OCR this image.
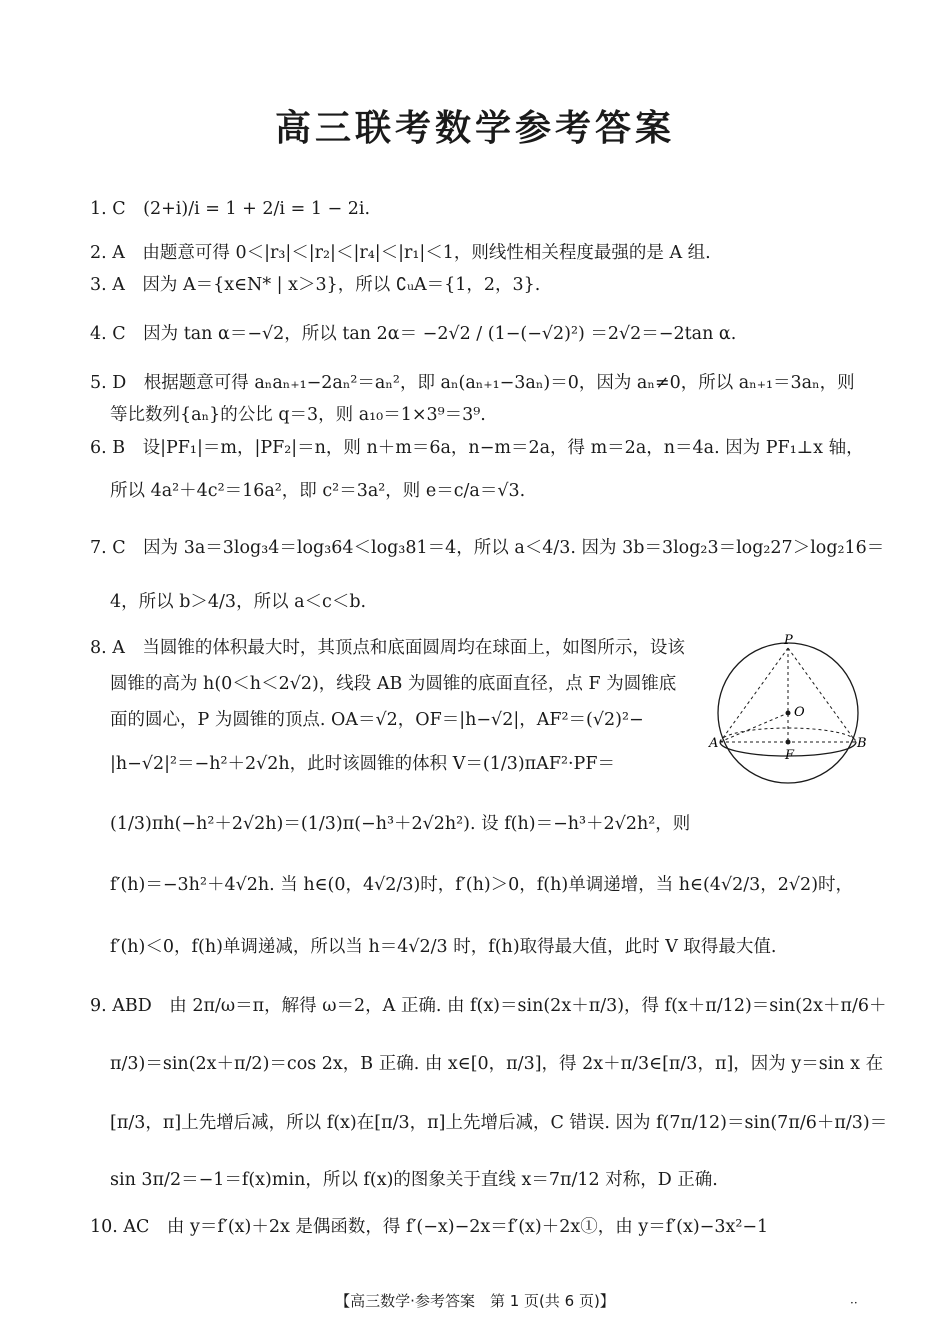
高三联考数学参考答案
1. C　(2+i)/i = 1 + 2/i = 1 − 2i.
2. A　由题意可得 0＜|r₃|＜|r₂|＜|r₄|＜|r₁|＜1，则线性相关程度最强的是 A 组.
3. A　因为 A＝{x∈N* | x＞3}，所以 ∁ᵤA＝{1，2，3}.
4. C　因为 tan α＝−√2，所以 tan 2α＝ −2√2 / (1−(−√2)²) ＝2√2＝−2tan α.
5. D　根据题意可得 aₙaₙ₊₁−2aₙ²＝aₙ²，即 aₙ(aₙ₊₁−3aₙ)＝0，因为 aₙ≠0，所以 aₙ₊₁＝3aₙ，则
等比数列{aₙ}的公比 q＝3，则 a₁₀＝1×3⁹＝3⁹.
6. B　设|PF₁|＝m，|PF₂|＝n，则 n＋m＝6a，n−m＝2a，得 m＝2a，n＝4a. 因为 PF₁⊥x 轴，
所以 4a²＋4c²＝16a²，即 c²＝3a²，则 e＝c/a＝√3.
7. C　因为 3a＝3log₃4＝log₃64＜log₃81＝4，所以 a＜4/3. 因为 3b＝3log₂3＝log₂27＞log₂16＝
4，所以 b＞4/3，所以 a＜c＜b.
8. A　当圆锥的体积最大时，其顶点和底面圆周均在球面上，如图所示，设该
圆锥的高为 h(0＜h＜2√2)，线段 AB 为圆锥的底面直径，点 F 为圆锥底
面的圆心，P 为圆锥的顶点. OA＝√2，OF＝|h−√2|，AF²＝(√2)²−
|h−√2|²＝−h²＋2√2h，此时该圆锥的体积 V＝(1/3)πAF²·PF＝
(1/3)πh(−h²＋2√2h)＝(1/3)π(−h³＋2√2h²). 设 f(h)＝−h³＋2√2h²，则
f′(h)＝−3h²＋4√2h. 当 h∈(0，4√2/3)时，f′(h)＞0，f(h)单调递增，当 h∈(4√2/3，2√2)时，
f′(h)＜0，f(h)单调递减，所以当 h＝4√2/3 时，f(h)取得最大值，此时 V 取得最大值.
9. ABD　由 2π/ω＝π，解得 ω＝2，A 正确. 由 f(x)＝sin(2x＋π/3)，得 f(x＋π/12)＝sin(2x＋π/6＋
π/3)＝sin(2x＋π/2)＝cos 2x，B 正确. 由 x∈[0，π/3]，得 2x＋π/3∈[π/3，π]，因为 y＝sin x 在
[π/3，π]上先增后减，所以 f(x)在[π/3，π]上先增后减，C 错误. 因为 f(7π/12)＝sin(7π/6＋π/3)＝
sin 3π/2＝−1＝f(x)min，所以 f(x)的图象关于直线 x＝7π/12 对称，D 正确.
10. AC　由 y＝f′(x)＋2x 是偶函数，得 f′(−x)−2x＝f′(x)＋2x①，由 y＝f′(x)−3x²−1
P
O
A	B
F
【高三数学·参考答案　第 1 页(共 6 页)】	··
